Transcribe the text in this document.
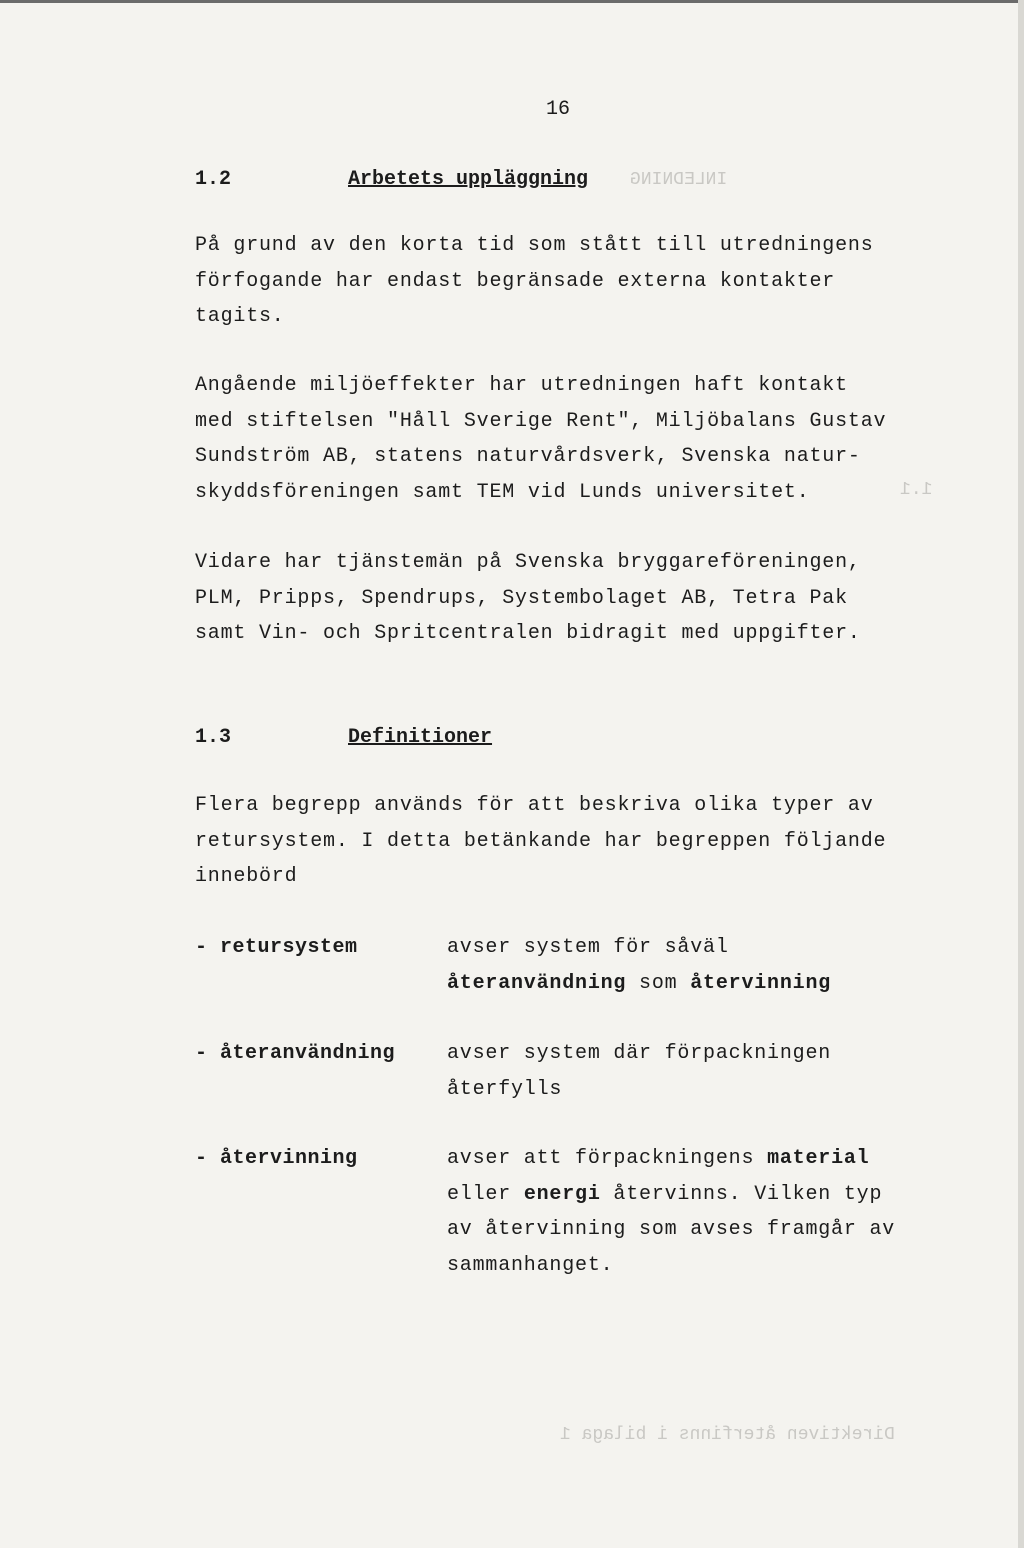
INLEDNING
1.1
Direktiven återfinns i bilaga 1
16
1.2	Arbetets uppläggning
På grund av den korta tid som stått till utredningens
förfogande har endast begränsade externa kontakter
tagits.
Angående miljöeffekter har utredningen haft kontakt
med stiftelsen "Håll Sverige Rent", Miljöbalans Gustav
Sundström AB, statens naturvårdsverk, Svenska natur-
skyddsföreningen samt TEM vid Lunds universitet.
Vidare har tjänstemän på Svenska bryggareföreningen,
PLM, Pripps, Spendrups, Systembolaget AB, Tetra Pak
samt Vin- och Spritcentralen bidragit med uppgifter.
1.3	Definitioner
Flera begrepp används för att beskriva olika typer av
retursystem. I detta betänkande har begreppen följande
innebörd
- retursystem	avser system för såväl
återanvändning som återvinning
- återanvändning	avser system där förpackningen
återfylls
- återvinning	avser att förpackningens material
eller energi återvinns. Vilken typ
av återvinning som avses framgår av
sammanhanget.
